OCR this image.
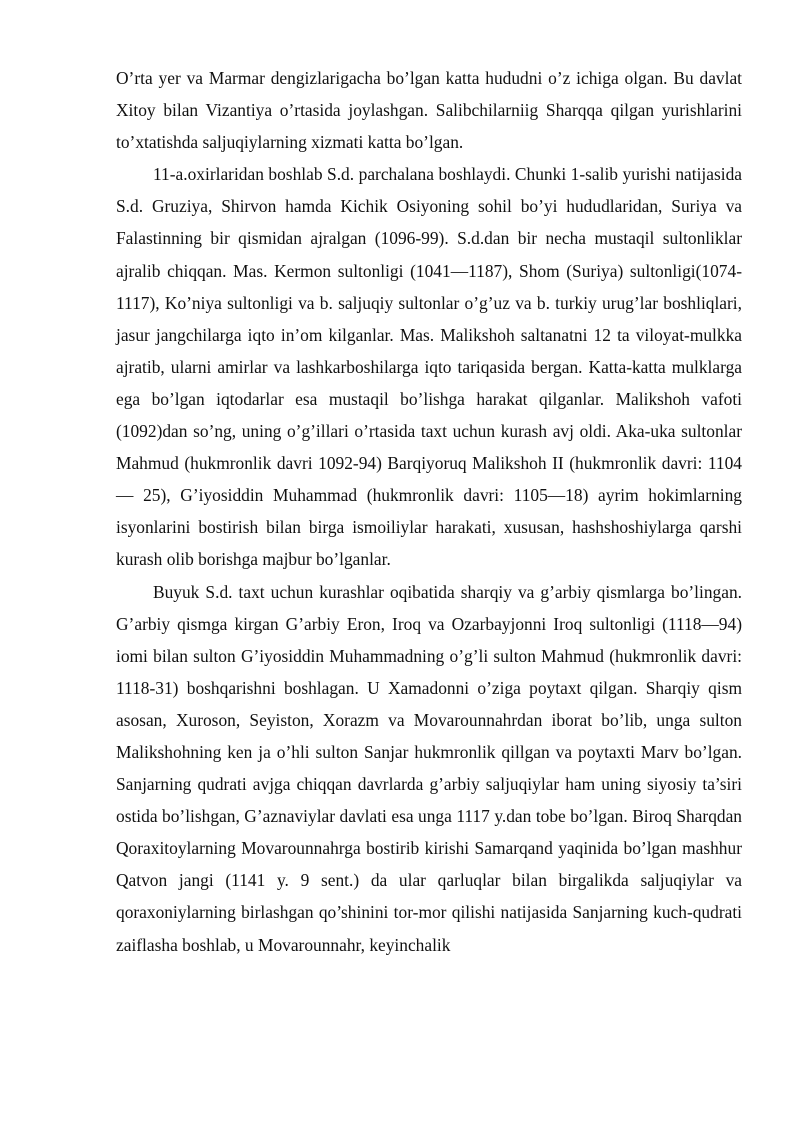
O’rta yer va Marmar dengizlarigacha bo’lgan katta hududni o’z ichiga olgan. Bu davlat Xitoy bilan Vizantiya o’rtasida joylashgan. Salibchilarniig Sharqqa qilgan yurishlarini to’xtatishda saljuqiylarning xizmati katta bo’lgan.

11-a.oxirlaridan boshlab S.d. parchalana boshlaydi. Chunki 1-salib yurishi natijasida S.d. Gruziya, Shirvon hamda Kichik Osiyoning sohil bo’yi hududlaridan, Suriya va Falastinning bir qismidan ajralgan (1096-99). S.d.dan bir necha mustaqil sultonliklar ajralib chiqqan. Mas. Kermon sultonligi (1041—1187), Shom (Suriya) sultonligi(1074-1117), Ko’niya sultonligi va b. saljuqiy sultonlar o’g’uz va b. turkiy urug’lar boshliqlari, jasur jangchilarga iqto in’om kilganlar. Mas. Malikshoh saltanatni 12 ta viloyat-mulkka ajratib, ularni amirlar va lashkarboshilarga iqto tariqasida bergan. Katta-katta mulklarga ega bo’lgan iqtodarlar esa mustaqil bo’lishga harakat qilganlar. Malikshoh vafoti (1092)dan so’ng, uning o’g’illari o’rtasida taxt uchun kurash avj oldi. Aka-uka sultonlar Mahmud (hukmronlik davri 1092-94) Barqiyoruq Malikshoh II (hukmronlik davri: 1104— 25), G’iyosiddin Muhammad (hukmronlik davri: 1105—18) ayrim hokimlarning isyonlarini bostirish bilan birga ismoiliylar harakati, xususan, hashshoshiylarga qarshi kurash olib borishga majbur bo’lganlar.

Buyuk S.d. taxt uchun kurashlar oqibatida sharqiy va g’arbiy qismlarga bo’lingan. G’arbiy qismga kirgan G’arbiy Eron, Iroq va Ozarbayjonni Iroq sultonligi (1118—94) iomi bilan sulton G’iyosiddin Muhammadnіng o’g’li sulton Mahmud (hukmronlik davri: 1118-31) boshqarishni boshlagan. U Xamadonni o’ziga poytaxt qilgan. Sharqiy qism asosan, Xuroson, Seyiston, Xorazm va Movarounnahrdan iborat bo’lib, unga sulton Malikshohning ken ja o’hli sulton Sanjar hukmronlik qillgan va poytaxti Marv bo’lgan. Sanjarning qudrati avjga chiqqan davrlarda g’arbiy saljuqiylar ham uning siyosiy ta’siri ostida bo’lishgan, G’aznaviylar davlati esa unga 1117 y.dan tobe bo’lgan. Biroq Sharqdan Qoraxitoylarning Movarounnahrga bostirib kirishi Samarqand yaqinida bo’lgan mashhur Qatvon jangi (1141 y. 9 sent.) da ular qarluqlar bilan birgalikda saljuqiylar va qoraxoniylarning birlashgan qo’shinini tor-mor qilishi natijasida Sanjarning kuch-qudrati zaiflasha boshlab, u Movarounnahr, keyinchalik
